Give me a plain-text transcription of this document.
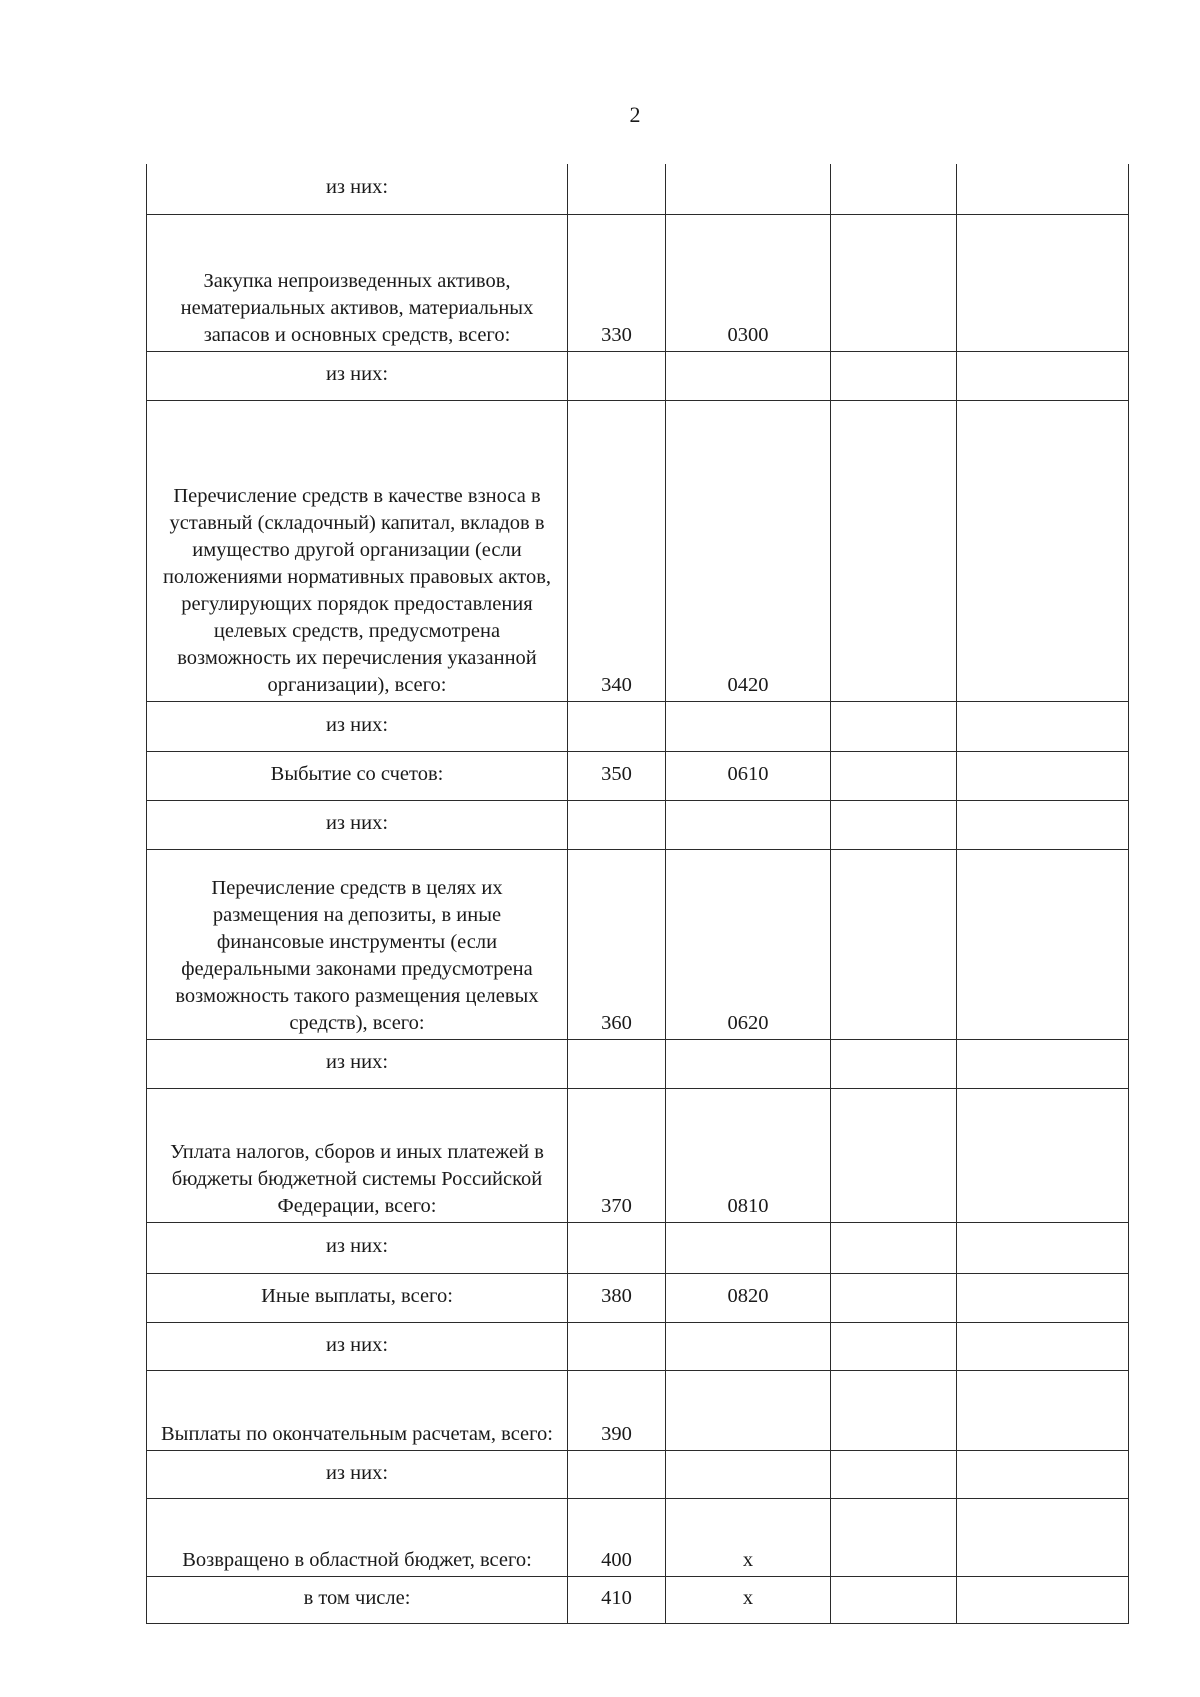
2
из них:				
Закупка непроизведенных активов, нематериальных активов, материальных запасов и основных средств, всего:	330	0300		
из них:				
Перечисление средств в качестве взноса в уставный (складочный) капитал, вкладов в имущество другой организации (если положениями нормативных правовых актов, регулирующих порядок предоставления целевых средств, предусмотрена возможность их перечисления указанной организации), всего:	340	0420		
из них:				
Выбытие со счетов:	350	0610		
из них:				
Перечисление средств в целях их размещения на депозиты, в иные финансовые инструменты (если федеральными законами предусмотрена возможность такого размещения целевых средств), всего:	360	0620		
из них:				
Уплата налогов, сборов и иных платежей в бюджеты бюджетной системы Российской Федерации, всего:	370	0810		
из них:				
Иные выплаты, всего:	380	0820		
из них:				
Выплаты по окончательным расчетам, всего:	390			
из них:				
Возвращено в областной бюджет, всего:	400	x		
в том числе:	410	x		
